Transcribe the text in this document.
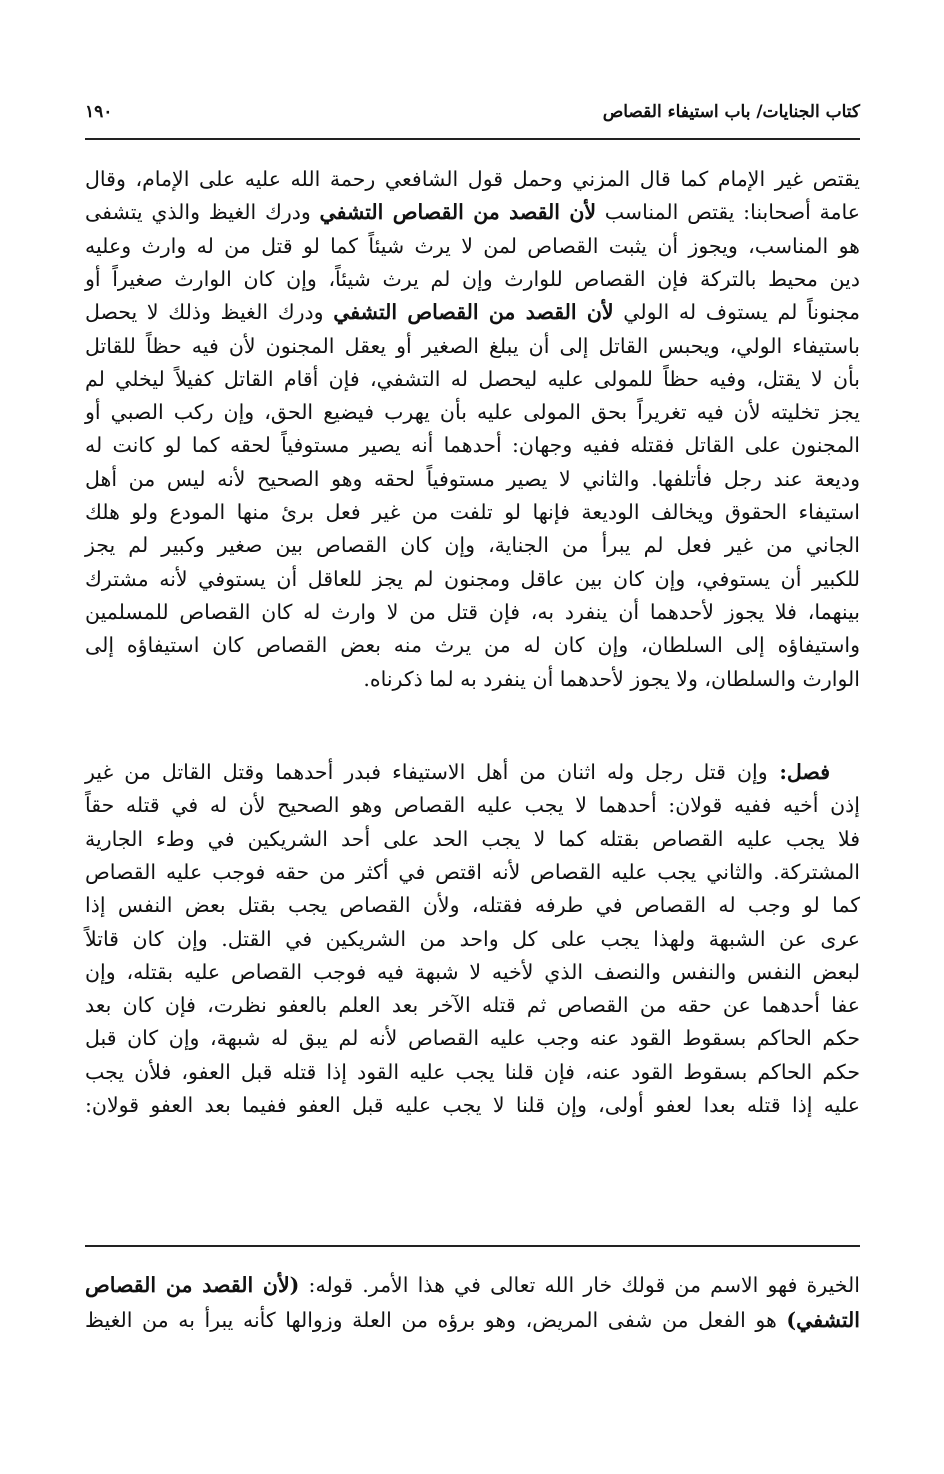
كتاب الجنايات/ باب استيفاء القصاص
١٩٠
يقتص غير الإمام كما قال المزني وحمل قول الشافعي رحمة الله عليه على الإمام، وقال
عامة أصحابنا: يقتص المناسب لأن القصد من القصاص التشفي ودرك الغيظ والذي يتشفى
هو المناسب، ويجوز أن يثبت القصاص لمن لا يرث شيئاً كما لو قتل من له وارث وعليه
دين محيط بالتركة فإن القصاص للوارث وإن لم يرث شيئاً، وإن كان الوارث صغيراً أو
مجنوناً لم يستوف له الولي لأن القصد من القصاص التشفي ودرك الغيظ وذلك لا يحصل
باستيفاء الولي، ويحبس القاتل إلى أن يبلغ الصغير أو يعقل المجنون لأن فيه حظاً للقاتل
بأن لا يقتل، وفيه حظاً للمولى عليه ليحصل له التشفي، فإن أقام القاتل كفيلاً ليخلي لم
يجز تخليته لأن فيه تغريراً بحق المولى عليه بأن يهرب فيضيع الحق، وإن ركب الصبي أو
المجنون على القاتل فقتله ففيه وجهان: أحدهما أنه يصير مستوفياً لحقه كما لو كانت له
وديعة عند رجل فأتلفها. والثاني لا يصير مستوفياً لحقه وهو الصحيح لأنه ليس من أهل
استيفاء الحقوق ويخالف الوديعة فإنها لو تلفت من غير فعل برئ منها المودع ولو هلك
الجاني من غير فعل لم يبرأ من الجناية، وإن كان القصاص بين صغير وكبير لم يجز
للكبير أن يستوفي، وإن كان بين عاقل ومجنون لم يجز للعاقل أن يستوفي لأنه مشترك
بينهما، فلا يجوز لأحدهما أن ينفرد به، فإن قتل من لا وارث له كان القصاص للمسلمين
واستيفاؤه إلى السلطان، وإن كان له من يرث منه بعض القصاص كان استيفاؤه إلى
الوارث والسلطان، ولا يجوز لأحدهما أن ينفرد به لما ذكرناه.
فصل: وإن قتل رجل وله اثنان من أهل الاستيفاء فبدر أحدهما وقتل القاتل من غير
إذن أخيه ففيه قولان: أحدهما لا يجب عليه القصاص وهو الصحيح لأن له في قتله حقاً
فلا يجب عليه القصاص بقتله كما لا يجب الحد على أحد الشريكين في وطء الجارية
المشتركة. والثاني يجب عليه القصاص لأنه اقتص في أكثر من حقه فوجب عليه القصاص
كما لو وجب له القصاص في طرفه فقتله، ولأن القصاص يجب بقتل بعض النفس إذا
عرى عن الشبهة ولهذا يجب على كل واحد من الشريكين في القتل. وإن كان قاتلاً
لبعض النفس والنفس والنصف الذي لأخيه لا شبهة فيه فوجب القصاص عليه بقتله، وإن
عفا أحدهما عن حقه من القصاص ثم قتله الآخر بعد العلم بالعفو نظرت، فإن كان بعد
حكم الحاكم بسقوط القود عنه وجب عليه القصاص لأنه لم يبق له شبهة، وإن كان قبل
حكم الحاكم بسقوط القود عنه، فإن قلنا يجب عليه القود إذا قتله قبل العفو، فلأن يجب
عليه إذا قتله بعدا لعفو أولى، وإن قلنا لا يجب عليه قبل العفو ففيما بعد العفو قولان:
الخيرة فهو الاسم من قولك خار الله تعالى في هذا الأمر. قوله: (لأن القصد من القصاص
التشفي) هو الفعل من شفى المريض، وهو برؤه من العلة وزوالها كأنه يبرأ به من الغيظ
